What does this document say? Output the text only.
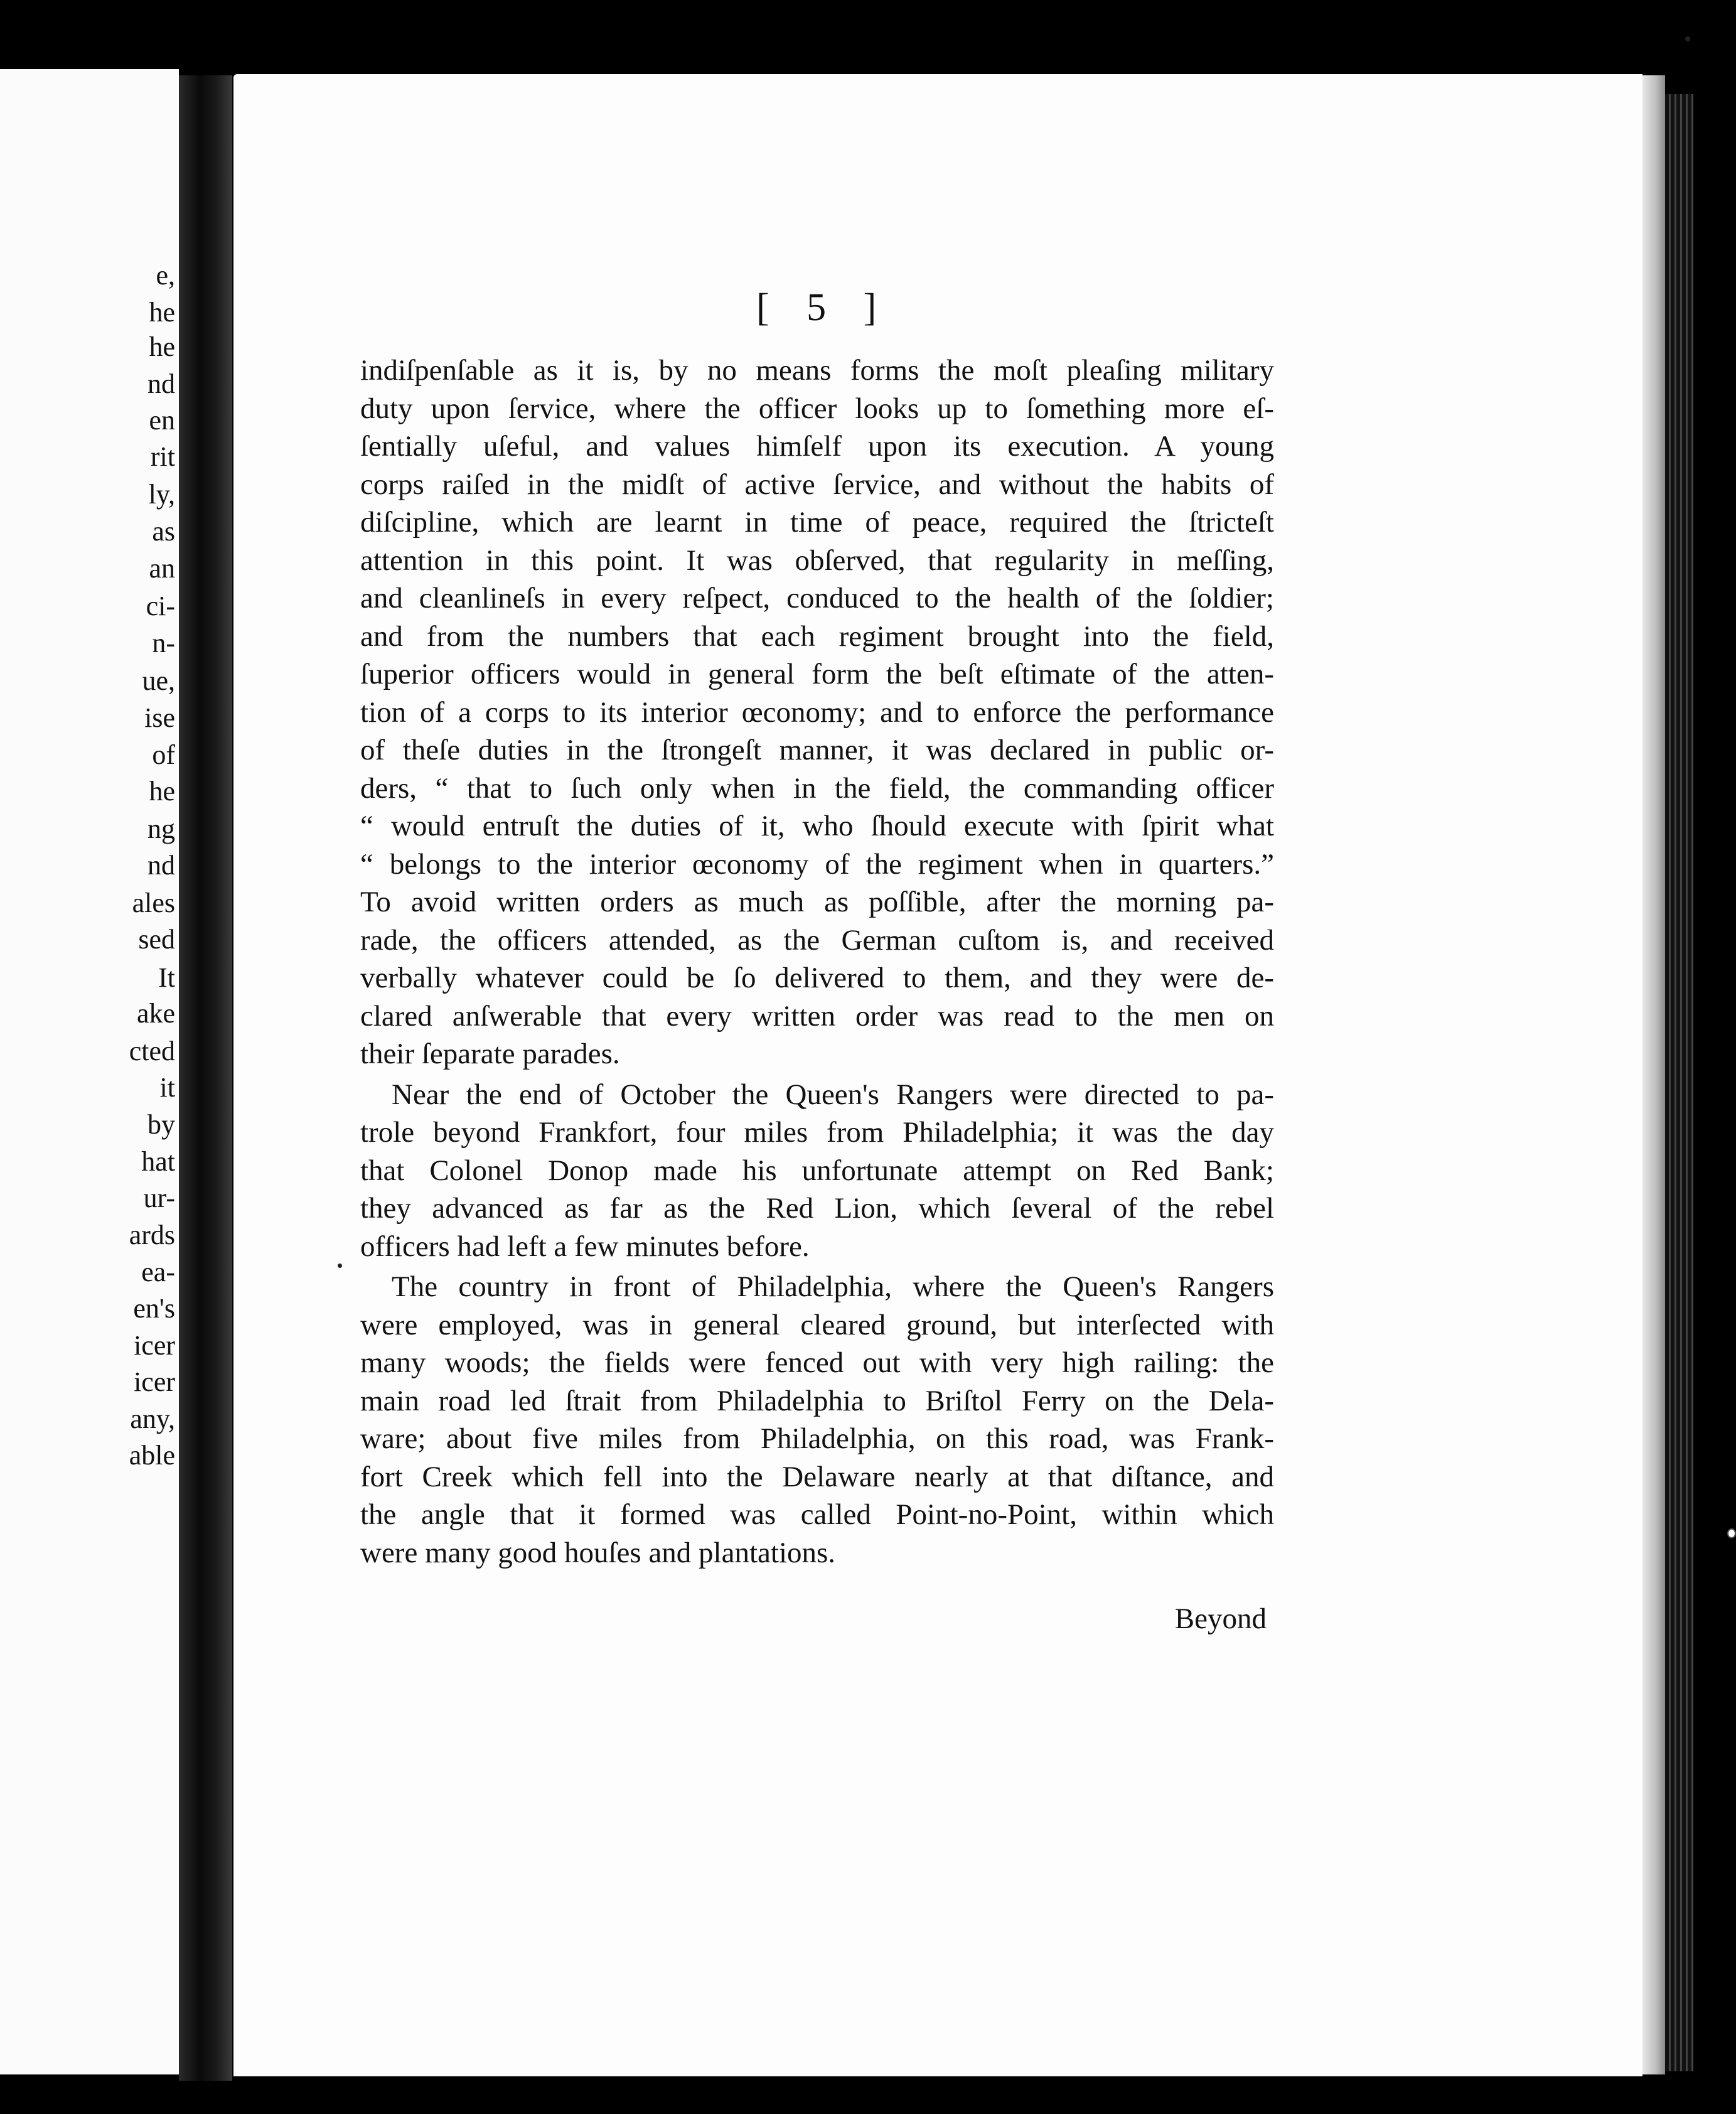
e,
he
he
nd
en
rit
ly,
as
an
ci-
n-
ue,
ise
of
he
ng
nd
ales
sed
It
ake
cted
it
by
hat
ur-
ards
ea-
en's
icer
icer
any,
able
[ 5 ]
indiſpenſable as it is, by no means forms the moſt pleaſing military
duty upon ſervice, where the officer looks up to ſomething more eſ-
ſentially uſeful, and values himſelf upon its execution. A young
corps raiſed in the midſt of active ſervice, and without the habits of
diſcipline, which are learnt in time of peace, required the ſtricteſt
attention in this point. It was obſerved, that regularity in meſſing,
and cleanlineſs in every reſpect, conduced to the health of the ſoldier;
and from the numbers that each regiment brought into the field,
ſuperior officers would in general form the beſt eſtimate of the atten-
tion of a corps to its interior œconomy; and to enforce the performance
of theſe duties in the ſtrongeſt manner, it was declared in public or-
ders, “ that to ſuch only when in the field, the commanding officer
“ would entruſt the duties of it, who ſhould execute with ſpirit what
“ belongs to the interior œconomy of the regiment when in quarters.”
To avoid written orders as much as poſſible, after the morning pa-
rade, the officers attended, as the German cuſtom is, and received
verbally whatever could be ſo delivered to them, and they were de-
clared anſwerable that every written order was read to the men on
their ſeparate parades.
Near the end of October the Queen's Rangers were directed to pa-
trole beyond Frankfort, four miles from Philadelphia; it was the day
that Colonel Donop made his unfortunate attempt on Red Bank;
they advanced as far as the Red Lion, which ſeveral of the rebel
officers had left a few minutes before.
The country in front of Philadelphia, where the Queen's Rangers
were employed, was in general cleared ground, but interſected with
many woods; the fields were fenced out with very high railing: the
main road led ſtrait from Philadelphia to Briſtol Ferry on the Dela-
ware; about five miles from Philadelphia, on this road, was Frank-
fort Creek which fell into the Delaware nearly at that diſtance, and
the angle that it formed was called Point-no-Point, within which
were many good houſes and plantations.
Beyond
